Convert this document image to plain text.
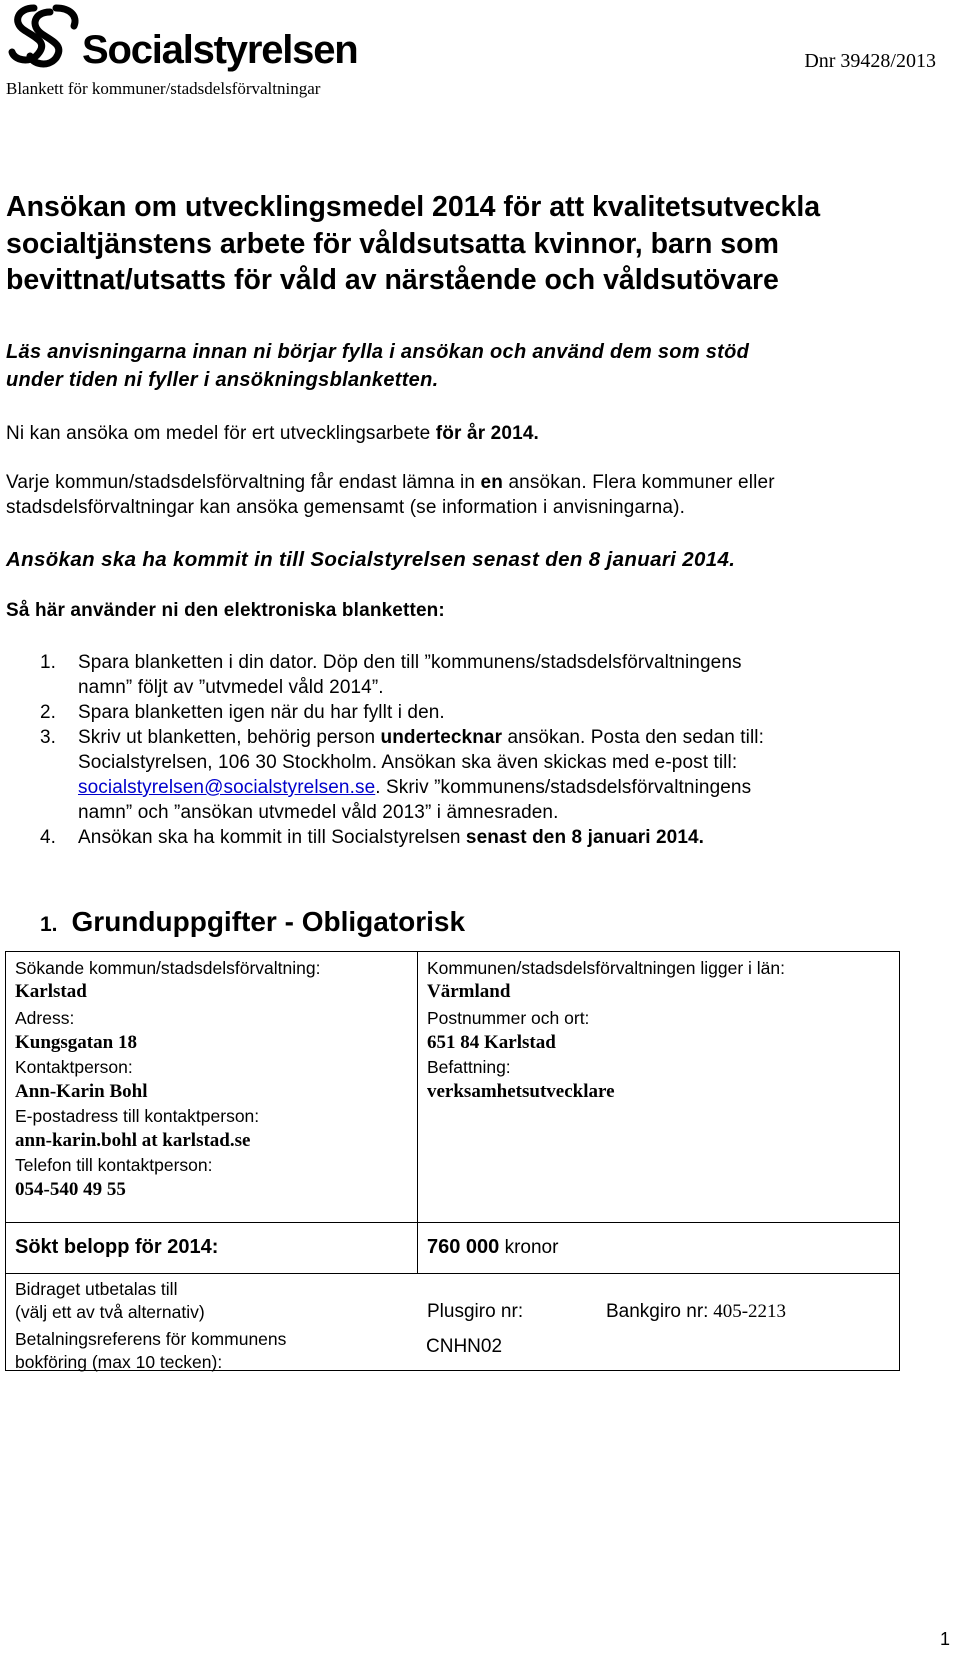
Socialstyrelsen
Blankett för kommuner/stadsdelsförvaltningar
Dnr 39428/2013
Ansökan om utvecklingsmedel 2014 för att kvalitetsutveckla
socialtjänstens arbete för våldsutsatta kvinnor, barn som
bevittnat/utsatts för våld av närstående och våldsutövare
Läs anvisningarna innan ni börjar fylla i ansökan och använd dem som stöd
under tiden ni fyller i ansökningsblanketten.
Ni kan ansöka om medel för ert utvecklingsarbete för år 2014.
Varje kommun/stadsdelsförvaltning får endast lämna in en ansökan. Flera kommuner eller
stadsdelsförvaltningar kan ansöka gemensamt (se information i anvisningarna).
Ansökan ska ha kommit in till Socialstyrelsen senast den 8 januari 2014.
Så här använder ni den elektroniska blanketten:
1. Spara blanketten i din dator. Döp den till ”kommunens/stadsdelsförvaltningens
namn” följt av ”utvmedel våld 2014”.
2. Spara blanketten igen när du har fyllt i den.
3. Skriv ut blanketten, behörig person undertecknar ansökan. Posta den sedan till:
Socialstyrelsen, 106 30 Stockholm. Ansökan ska även skickas med e-post till:
socialstyrelsen@socialstyrelsen.se. Skriv ”kommunens/stadsdelsförvaltningens
namn” och ”ansökan utvmedel våld 2013” i ämnesraden.
4. Ansökan ska ha kommit in till Socialstyrelsen senast den 8 januari 2014.
1. Grunduppgifter - Obligatorisk
Sökande kommun/stadsdelsförvaltning:
Karlstad
Adress:
Kungsgatan 18
Kontaktperson:
Ann-Karin Bohl
E-postadress till kontaktperson:
ann-karin.bohl at karlstad.se
Telefon till kontaktperson:
054-540 49 55
Kommunen/stadsdelsförvaltningen ligger i län:
Värmland
Postnummer och ort:
651 84 Karlstad
Befattning:
verksamhetsutvecklare
Sökt belopp för 2014:	760 000 kronor
Bidraget utbetalas till
(välj ett av två alternativ)	Plusgiro nr:	Bankgiro nr: 405-2213
Betalningsreferens för kommunens
bokföring (max 10 tecken):
CNHN02
1
